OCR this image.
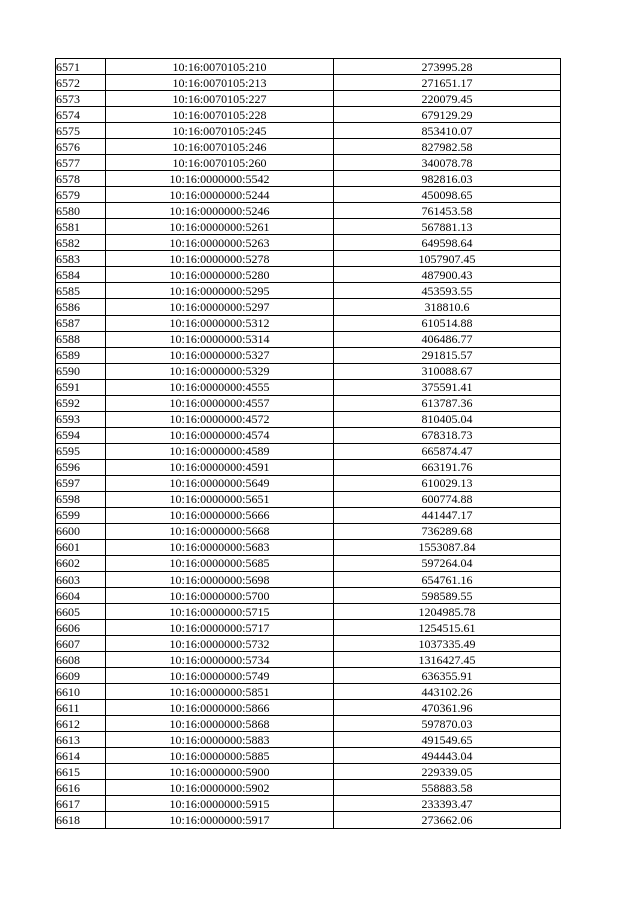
6571	10:16:0070105:210	273995.28
6572	10:16:0070105:213	271651.17
6573	10:16:0070105:227	220079.45
6574	10:16:0070105:228	679129.29
6575	10:16:0070105:245	853410.07
6576	10:16:0070105:246	827982.58
6577	10:16:0070105:260	340078.78
6578	10:16:0000000:5542	982816.03
6579	10:16:0000000:5244	450098.65
6580	10:16:0000000:5246	761453.58
6581	10:16:0000000:5261	567881.13
6582	10:16:0000000:5263	649598.64
6583	10:16:0000000:5278	1057907.45
6584	10:16:0000000:5280	487900.43
6585	10:16:0000000:5295	453593.55
6586	10:16:0000000:5297	318810.6
6587	10:16:0000000:5312	610514.88
6588	10:16:0000000:5314	406486.77
6589	10:16:0000000:5327	291815.57
6590	10:16:0000000:5329	310088.67
6591	10:16:0000000:4555	375591.41
6592	10:16:0000000:4557	613787.36
6593	10:16:0000000:4572	810405.04
6594	10:16:0000000:4574	678318.73
6595	10:16:0000000:4589	665874.47
6596	10:16:0000000:4591	663191.76
6597	10:16:0000000:5649	610029.13
6598	10:16:0000000:5651	600774.88
6599	10:16:0000000:5666	441447.17
6600	10:16:0000000:5668	736289.68
6601	10:16:0000000:5683	1553087.84
6602	10:16:0000000:5685	597264.04
6603	10:16:0000000:5698	654761.16
6604	10:16:0000000:5700	598589.55
6605	10:16:0000000:5715	1204985.78
6606	10:16:0000000:5717	1254515.61
6607	10:16:0000000:5732	1037335.49
6608	10:16:0000000:5734	1316427.45
6609	10:16:0000000:5749	636355.91
6610	10:16:0000000:5851	443102.26
6611	10:16:0000000:5866	470361.96
6612	10:16:0000000:5868	597870.03
6613	10:16:0000000:5883	491549.65
6614	10:16:0000000:5885	494443.04
6615	10:16:0000000:5900	229339.05
6616	10:16:0000000:5902	558883.58
6617	10:16:0000000:5915	233393.47
6618	10:16:0000000:5917	273662.06
